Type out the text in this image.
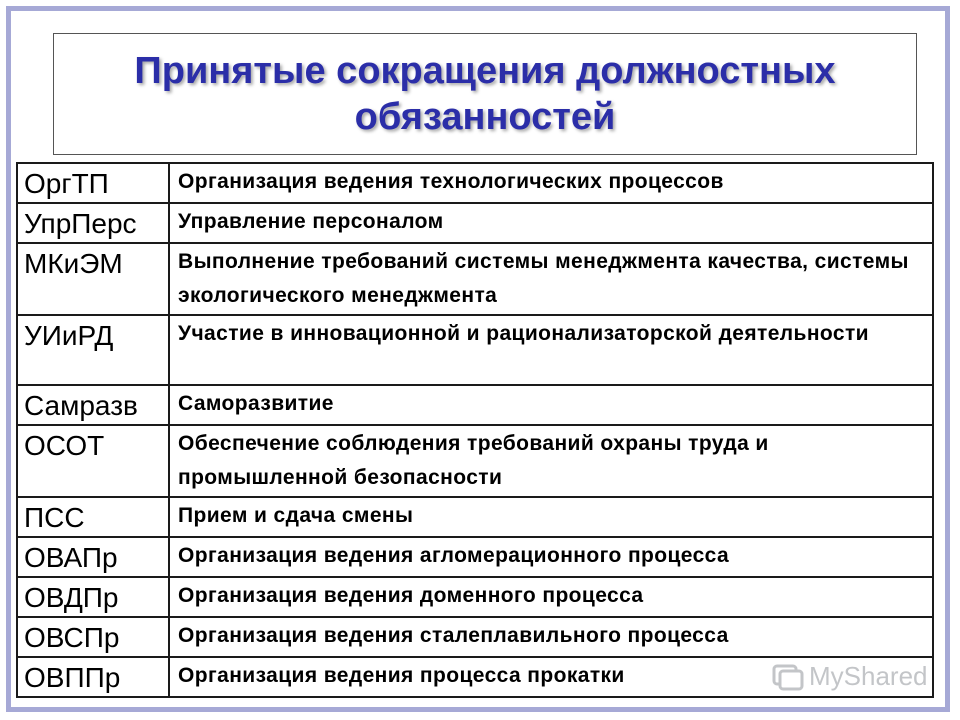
Принятые сокращения должностных обязанностей
ОргТП	Организация ведения технологических процессов
УпрПерс	Управление персоналом
МКиЭМ	Выполнение требований системы менеджмента качества, системы экологического менеджмента
УИиРД	Участие в инновационной и рационализаторской деятельности
Самразв	Саморазвитие
ОСОТ	Обеспечение соблюдения требований охраны труда и промышленной безопасности
ПСС	Прием и сдача смены
ОВАПр	Организация ведения агломерационного процесса
ОВДПр	Организация ведения доменного процесса
ОВСПр	Организация ведения сталеплавильного процесса
ОВППр	Организация ведения процесса прокатки	MyShared
